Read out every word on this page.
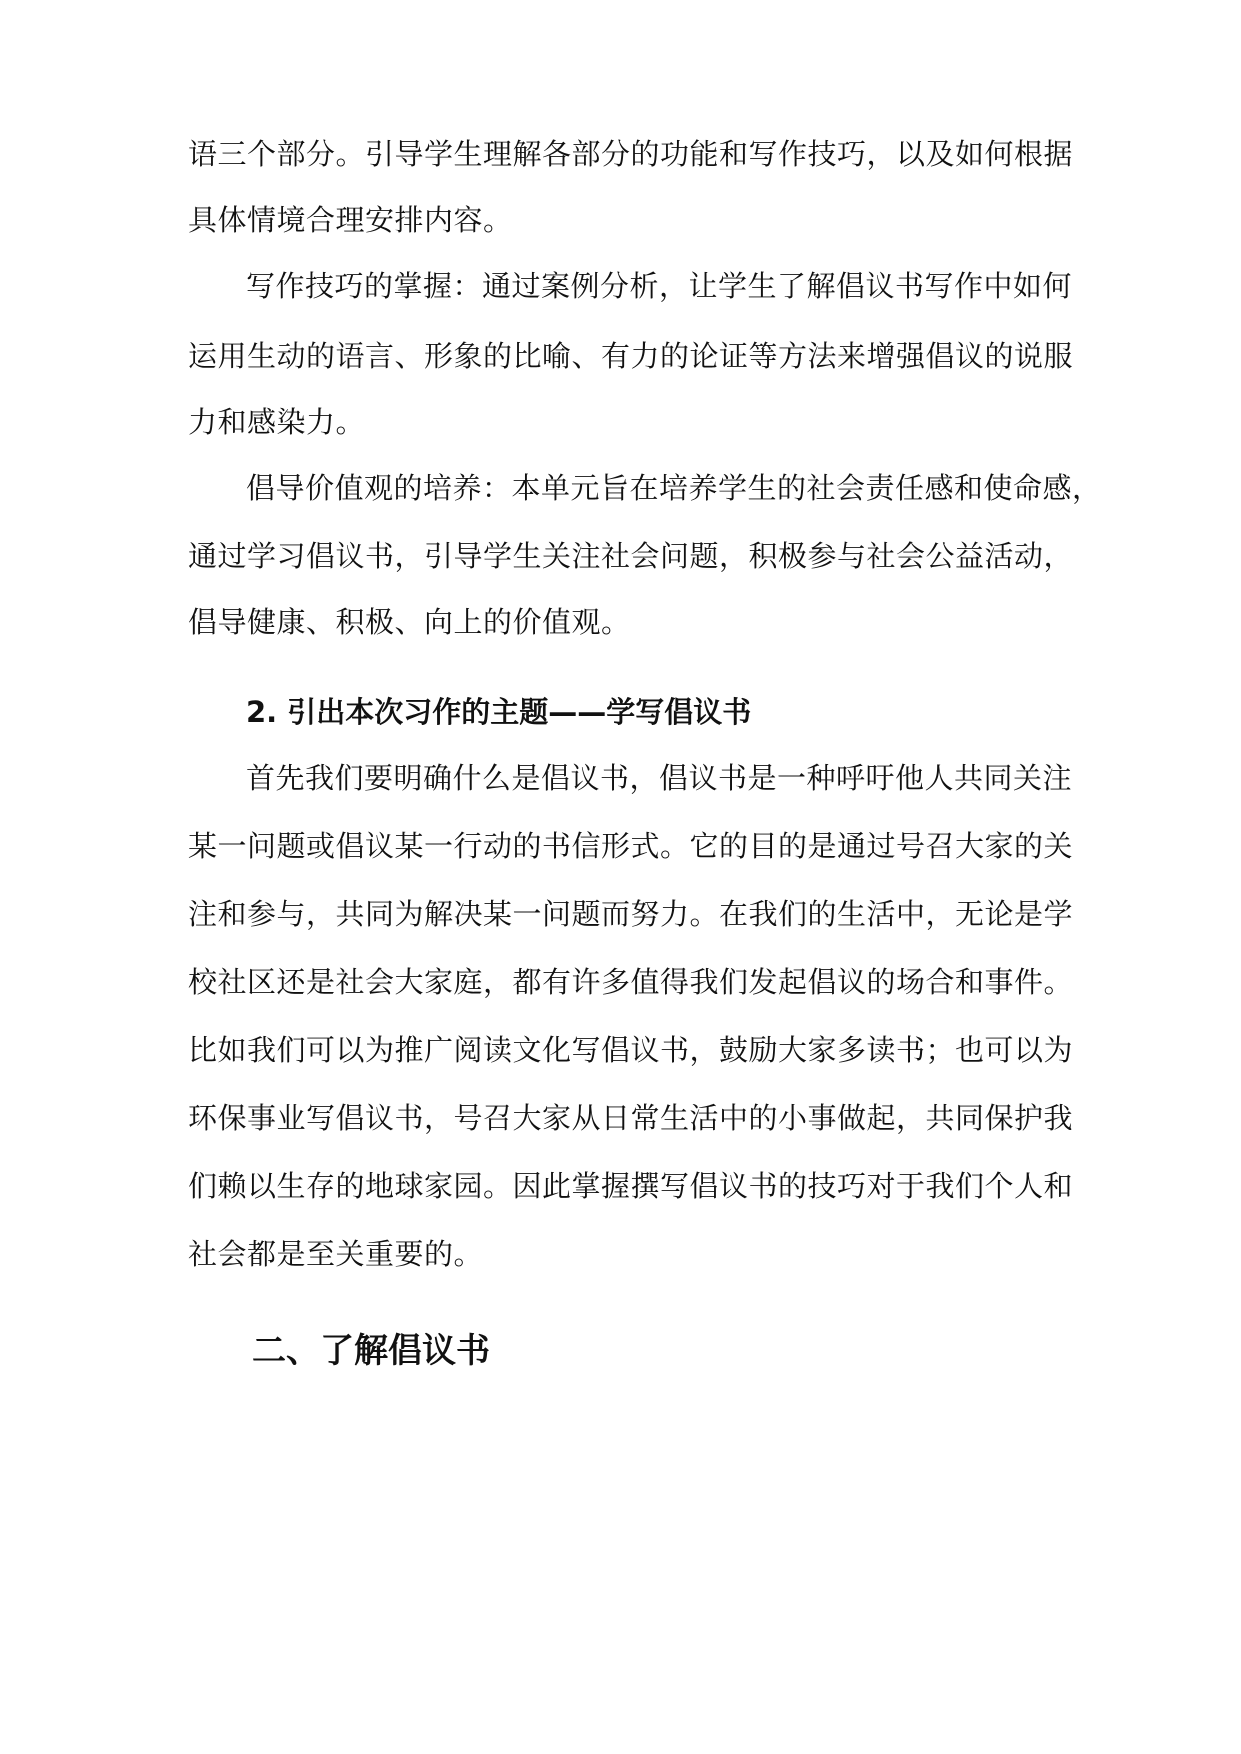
语三个部分。引导学生理解各部分的功能和写作技巧，以及如何根据
具体情境合理安排内容。
写作技巧的掌握：通过案例分析，让学生了解倡议书写作中如何
运用生动的语言、形象的比喻、有力的论证等方法来增强倡议的说服
力和感染力。
倡导价值观的培养：本单元旨在培养学生的社会责任感和使命感，
通过学习倡议书，引导学生关注社会问题，积极参与社会公益活动，
倡导健康、积极、向上的价值观。
2. 引出本次习作的主题——学写倡议书
首先我们要明确什么是倡议书，倡议书是一种呼吁他人共同关注
某一问题或倡议某一行动的书信形式。它的目的是通过号召大家的关
注和参与，共同为解决某一问题而努力。在我们的生活中，无论是学
校社区还是社会大家庭，都有许多值得我们发起倡议的场合和事件。
比如我们可以为推广阅读文化写倡议书，鼓励大家多读书；也可以为
环保事业写倡议书，号召大家从日常生活中的小事做起，共同保护我
们赖以生存的地球家园。因此掌握撰写倡议书的技巧对于我们个人和
社会都是至关重要的。
二、了解倡议书
